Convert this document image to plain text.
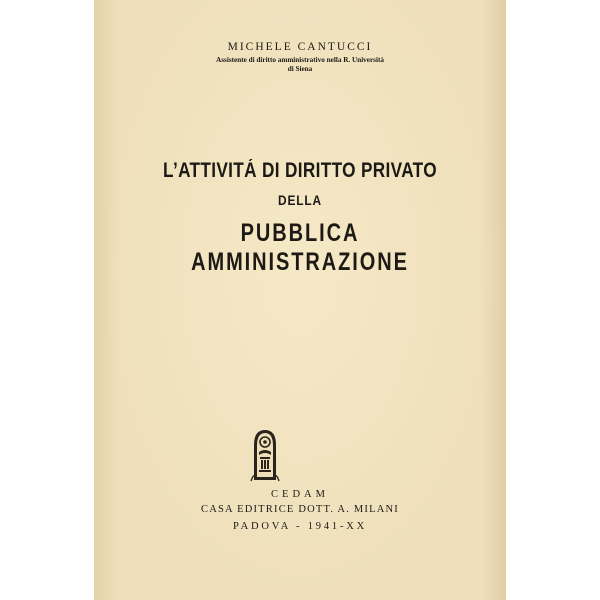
MICHELE CANTUCCI
Assistente di diritto amministrativo nella R. Università
di Siena
L’ATTIVITÁ DI DIRITTO PRIVATO
DELLA
PUBBLICA AMMINISTRAZIONE
CEDAM
CASA EDITRICE DOTT. A. MILANI
PADOVA - 1941-XX
